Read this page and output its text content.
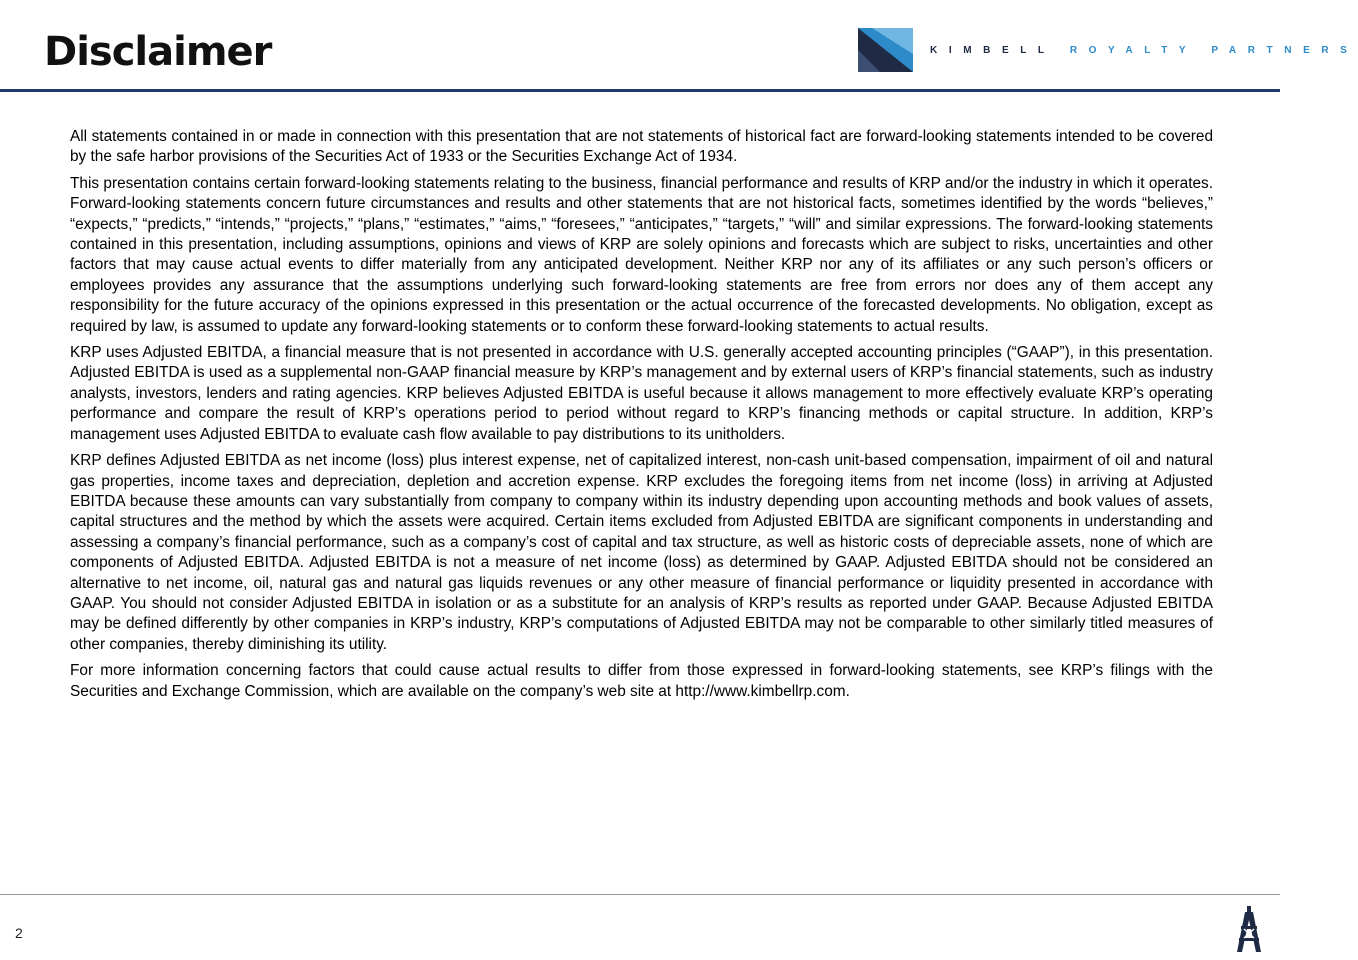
Disclaimer	KIMBELL ROYALTY PARTNERS

All statements contained in or made in connection with this presentation that are not statements of historical fact are forward-looking statements intended to be covered by the safe harbor provisions of the Securities Act of 1933 or the Securities Exchange Act of 1934.

This presentation contains certain forward-looking statements relating to the business, financial performance and results of KRP and/or the industry in which it operates. Forward-looking statements concern future circumstances and results and other statements that are not historical facts, sometimes identified by the words “believes,” “expects,” “predicts,” “intends,” “projects,” “plans,” “estimates,” “aims,” “foresees,” “anticipates,” “targets,” “will” and similar expressions. The forward-looking statements contained in this presentation, including assumptions, opinions and views of KRP are solely opinions and forecasts which are subject to risks, uncertainties and other factors that may cause actual events to differ materially from any anticipated development. Neither KRP nor any of its affiliates or any such person’s officers or employees provides any assurance that the assumptions underlying such forward-looking statements are free from errors nor does any of them accept any responsibility for the future accuracy of the opinions expressed in this presentation or the actual occurrence of the forecasted developments. No obligation, except as required by law, is assumed to update any forward-looking statements or to conform these forward-looking statements to actual results.

KRP uses Adjusted EBITDA, a financial measure that is not presented in accordance with U.S. generally accepted accounting principles (“GAAP”), in this presentation. Adjusted EBITDA is used as a supplemental non-GAAP financial measure by KRP’s management and by external users of KRP’s financial statements, such as industry analysts, investors, lenders and rating agencies. KRP believes Adjusted EBITDA is useful because it allows management to more effectively evaluate KRP’s operating performance and compare the result of KRP’s operations period to period without regard to KRP’s financing methods or capital structure. In addition, KRP’s management uses Adjusted EBITDA to evaluate cash flow available to pay distributions to its unitholders.

KRP defines Adjusted EBITDA as net income (loss) plus interest expense, net of capitalized interest, non-cash unit-based compensation, impairment of oil and natural gas properties, income taxes and depreciation, depletion and accretion expense. KRP excludes the foregoing items from net income (loss) in arriving at Adjusted EBITDA because these amounts can vary substantially from company to company within its industry depending upon accounting methods and book values of assets, capital structures and the method by which the assets were acquired. Certain items excluded from Adjusted EBITDA are significant components in understanding and assessing a company’s financial performance, such as a company’s cost of capital and tax structure, as well as historic costs of depreciable assets, none of which are components of Adjusted EBITDA. Adjusted EBITDA is not a measure of net income (loss) as determined by GAAP. Adjusted EBITDA should not be considered an alternative to net income, oil, natural gas and natural gas liquids revenues or any other measure of financial performance or liquidity presented in accordance with GAAP. You should not consider Adjusted EBITDA in isolation or as a substitute for an analysis of KRP’s results as reported under GAAP. Because Adjusted EBITDA may be defined differently by other companies in KRP’s industry, KRP’s computations of Adjusted EBITDA may not be comparable to other similarly titled measures of other companies, thereby diminishing its utility.

For more information concerning factors that could cause actual results to differ from those expressed in forward-looking statements, see KRP’s filings with the Securities and Exchange Commission, which are available on the company’s web site at http://www.kimbellrp.com.

2
